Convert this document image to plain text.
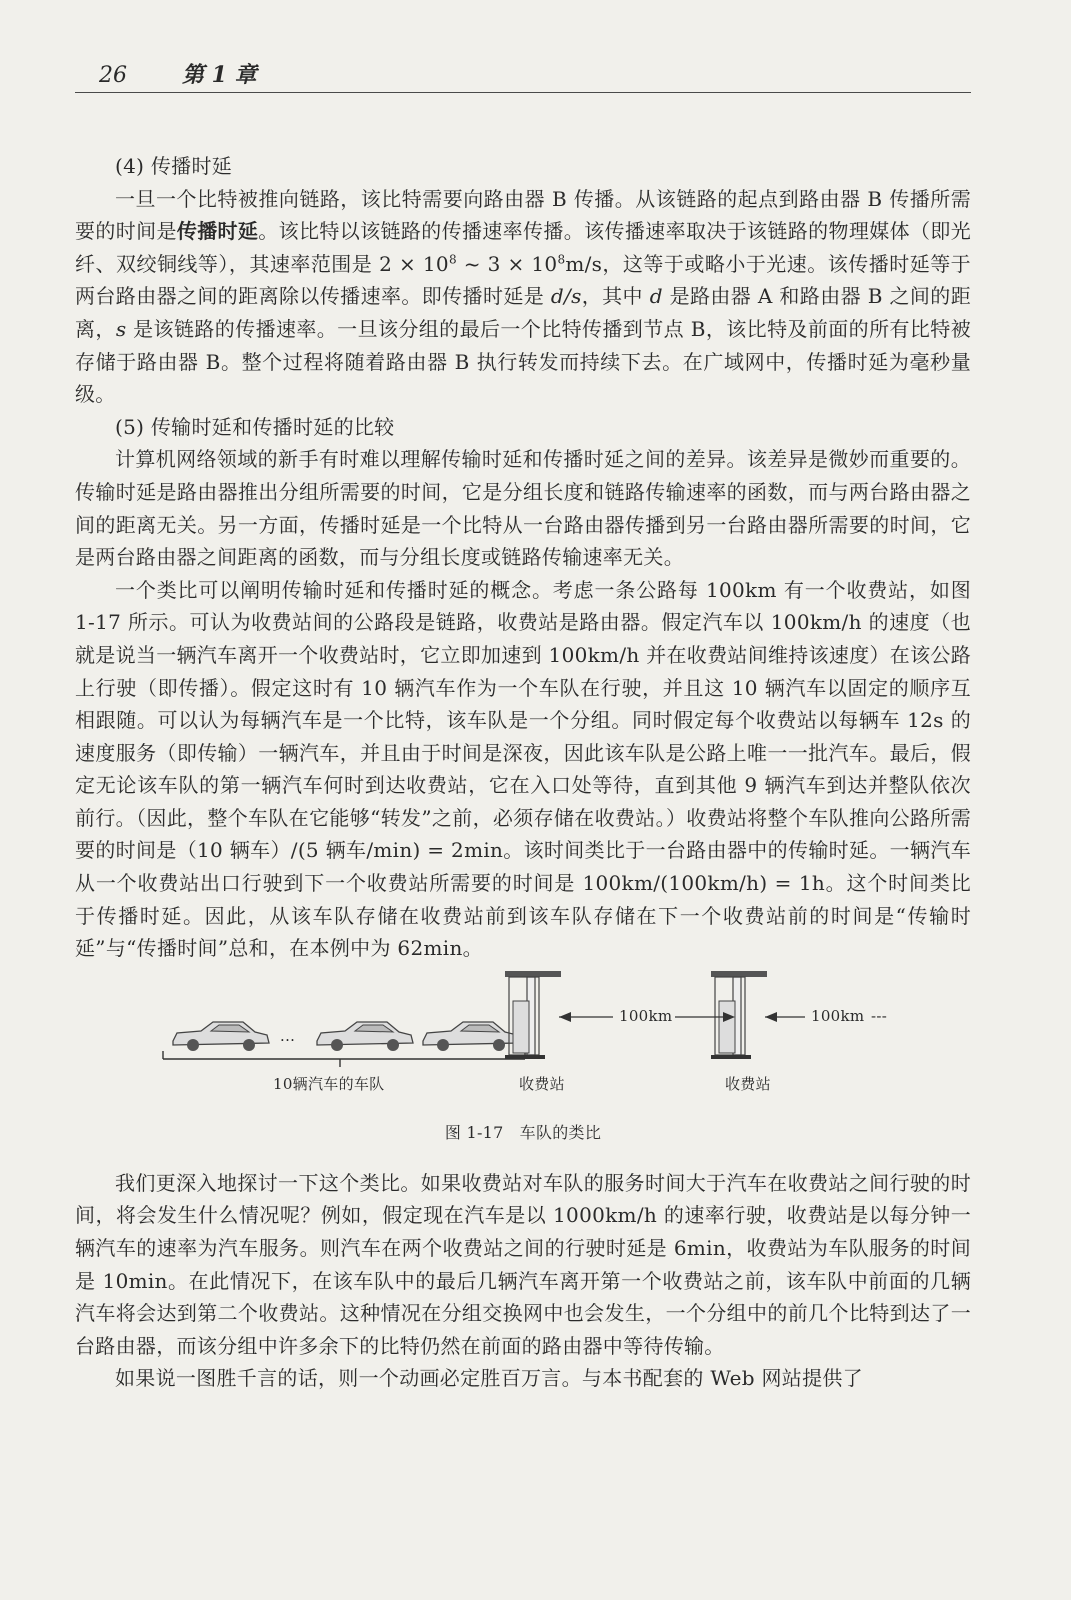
26	第 1 章

(4) 传播时延

一旦一个比特被推向链路，该比特需要向路由器 B 传播。从该链路的起点到路由器 B 传播所需要的时间是传播时延。该比特以该链路的传播速率传播。该传播速率取决于该链路的物理媒体（即光纤、双绞铜线等），其速率范围是 $2 \times 10^8$ ~ $3 \times 10^8m/s$，这等于或略小于光速。该传播时延等于两台路由器之间的距离除以传播速率。即传播时延是 d/s，其中 d 是路由器 A 和路由器 B 之间的距离，s 是该链路的传播速率。一旦该分组的最后一个比特传播到节点 B，该比特及前面的所有比特被存储于路由器 B。整个过程将随着路由器 B 执行转发而持续下去。在广域网中，传播时延为毫秒量级。

(5) 传输时延和传播时延的比较

计算机网络领域的新手有时难以理解传输时延和传播时延之间的差异。该差异是微妙而重要的。传输时延是路由器推出分组所需要的时间，它是分组长度和链路传输速率的函数，而与两台路由器之间的距离无关。另一方面，传播时延是一个比特从一台路由器传播到另一台路由器所需要的时间，它是两台路由器之间距离的函数，而与分组长度或链路传输速率无关。

一个类比可以阐明传输时延和传播时延的概念。考虑一条公路每 100km 有一个收费站，如图 1-17 所示。可认为收费站间的公路段是链路，收费站是路由器。假定汽车以 100km/h 的速度（也就是说当一辆汽车离开一个收费站时，它立即加速到 100km/h 并在收费站间维持该速度）在该公路上行驶（即传播）。假定这时有 10 辆汽车作为一个车队在行驶，并且这 10 辆汽车以固定的顺序互相跟随。可以认为每辆汽车是一个比特，该车队是一个分组。同时假定每个收费站以每辆车 12s 的速度服务（即传输）一辆汽车，并且由于时间是深夜，因此该车队是公路上唯一一批汽车。最后，假定无论该车队的第一辆汽车何时到达收费站，它在入口处等待，直到其他 9 辆汽车到达并整队依次前行。（因此，整个车队在它能够“转发”之前，必须存储在收费站。）收费站将整个车队推向公路所需要的时间是（10 辆车）/(5 辆车/min) = 2min。该时间类比于一台路由器中的传输时延。一辆汽车从一个收费站出口行驶到下一个收费站所需要的时间是 100km/(100km/h) = 1h。这个时间类比于传播时延。因此，从该车队存储在收费站前到该车队存储在下一个收费站前的时间是“传输时延”与“传播时间”总和，在本例中为 62min。

···
100km	100km ---
10辆汽车的车队	收费站	收费站
图 1-17 车队的类比

我们更深入地探讨一下这个类比。如果收费站对车队的服务时间大于汽车在收费站之间行驶的时间，将会发生什么情况呢？例如，假定现在汽车是以 1000km/h 的速率行驶，收费站是以每分钟一辆汽车的速率为汽车服务。则汽车在两个收费站之间的行驶时延是 6min，收费站为车队服务的时间是 10min。在此情况下，在该车队中的最后几辆汽车离开第一个收费站之前，该车队中前面的几辆汽车将会达到第二个收费站。这种情况在分组交换网中也会发生，一个分组中的前几个比特到达了一台路由器，而该分组中许多余下的比特仍然在前面的路由器中等待传输。

如果说一图胜千言的话，则一个动画必定胜百万言。与本书配套的 Web 网站提供了
